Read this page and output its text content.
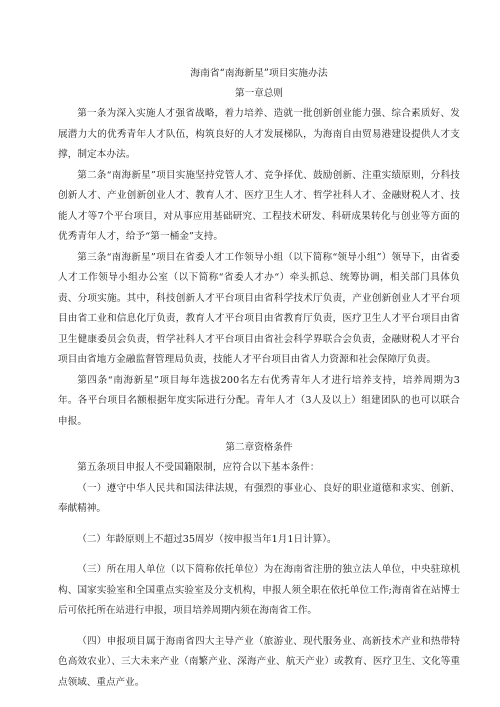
海南省“南海新星”项目实施办法

第一章总则

第一条为深入实施人才强省战略，着力培养、造就一批创新创业能力强、综合素质好、发展潜力大的优秀青年人才队伍，构筑良好的人才发展梯队，为海南自由贸易港建设提供人才支撑，制定本办法。

第二条“南海新星”项目实施坚持党管人才、竞争择优、鼓励创新、注重实绩原则，分科技创新人才、产业创新创业人才、教育人才、医疗卫生人才、哲学社科人才、金融财税人才、技能人才等7个平台项目，对从事应用基础研究、工程技术研发、科研成果转化与创业等方面的优秀青年人才，给予“第一桶金”支持。

第三条“南海新星”项目在省委人才工作领导小组（以下简称“领导小组”）领导下，由省委人才工作领导小组办公室（以下简称“省委人才办“）牵头抓总、统筹协调，相关部门具体负责、分项实施。其中，科技创新人才平台项目由省科学技术厅负责，产业创新创业人才平台项目由省工业和信息化厅负责，教育人才平台项目由省教育厅负责，医疗卫生人才平台项目由省卫生健康委员会负责，哲学社科人才平台项目由省社会科学界联合会负责，金融财税人才平台项目由省地方金融监督管理局负责，技能人才平台项目由省人力资源和社会保障厅负责。

第四条“南海新星”项目每年选拔200名左右优秀青年人才进行培养支持，培养周期为3年。各平台项目名额根据年度实际进行分配。青年人才（3人及以上）组建团队的也可以联合申报。

第二章资格条件

第五条项目申报人不受国籍限制，应符合以下基本条件：

（一）遵守中华人民共和国法律法规，有强烈的事业心、良好的职业道德和求实、创新、奉献精神。

（二）年龄原则上不超过35周岁（按申报当年1月1日计算）。

（三）所在用人单位（以下简称依托单位）为在海南省注册的独立法人单位，中央驻琼机构、国家实验室和全国重点实验室及分支机构，申报人须全职在依托单位工作;海南省在站博士后可依托所在站进行申报，项目培养周期内须在海南省工作。

（四）申报项目属于海南省四大主导产业（旅游业、现代服务业、高新技术产业和热带特色高效农业）、三大未来产业（南繁产业、深海产业、航天产业）或教育、医疗卫生、文化等重点领域、重点产业。
